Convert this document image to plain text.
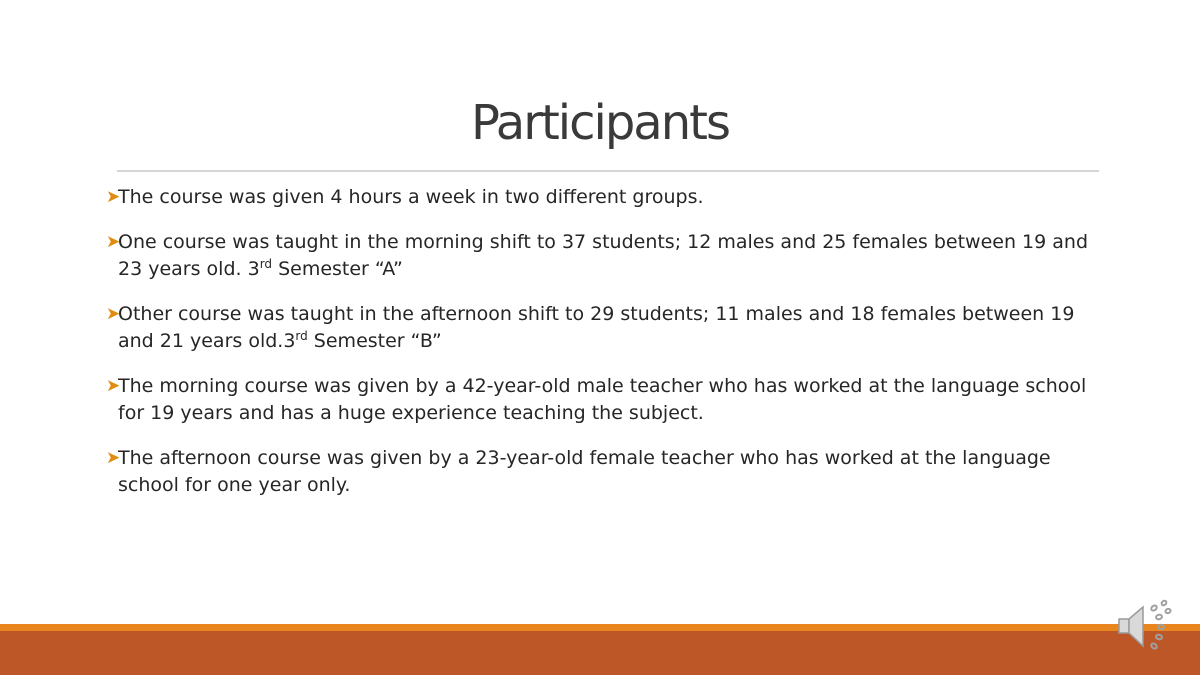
Participants
➤
The course was given 4 hours a week in two different groups.
➤
One course was taught in the morning shift to 37 students; 12 males and 25 females between 19 and 23 years old. 3rd Semester “A”
➤
Other course was taught in the afternoon shift to 29 students; 11 males and 18 females between 19 and 21 years old.3rd Semester “B”
➤
The morning course was given by a 42-year-old male teacher who has worked at the language school for 19 years and has a huge experience teaching the subject.
➤
The afternoon course was given by a 23-year-old female teacher who has worked at the language school for one year only.
